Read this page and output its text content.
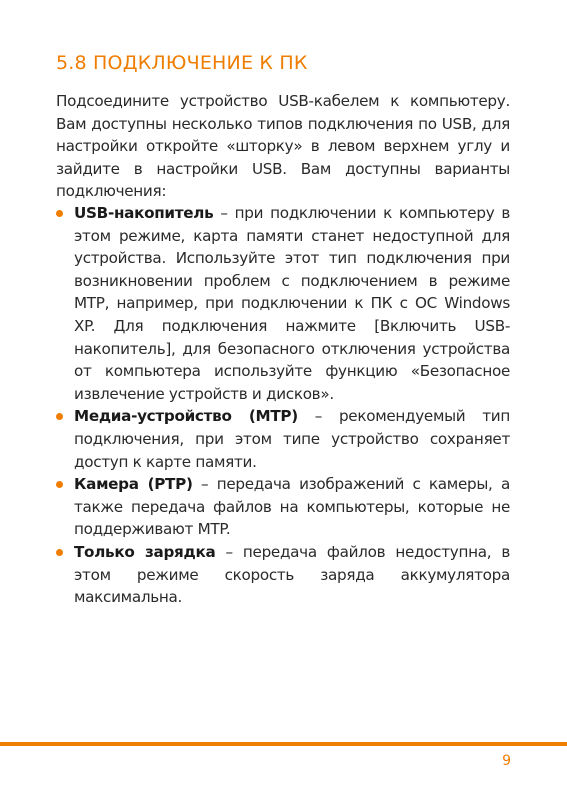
5.8 ПОДКЛЮЧЕНИЕ К ПК

Подсоедините устройство USB-кабелем к компьютеру. Вам доступны несколько типов подключения по USB, для настройки откройте «шторку» в левом верхнем углу и зайдите в настройки USB. Вам доступны варианты подключения:

USB-накопитель – при подключении к компьютеру в этом режиме, карта памяти станет недоступной для устройства. Используйте этот тип подключения при возникновении проблем с подключением в режиме MTP, например, при подключении к ПК с ОС Windows XP. Для подключения нажмите [Включить USB-накопитель], для безопасного отключения устройства от компьютера используйте функцию «Безопасное извлечение устройств и дисков».
Медиа-устройство (MTP) – рекомендуемый тип подключения, при этом типе устройство сохраняет доступ к карте памяти.
Камера (PTP) – передача изображений с камеры, а также передача файлов на компьютеры, которые не поддерживают MTP.
Только зарядка – передача файлов недоступна, в этом режиме скорость заряда аккумулятора максимальна.
9
